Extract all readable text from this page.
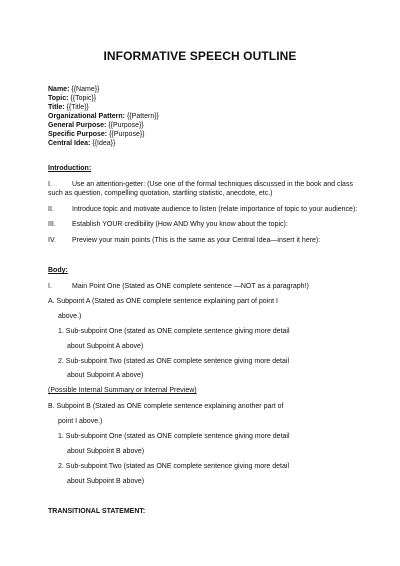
INFORMATIVE SPEECH OUTLINE
Name: {{Name}}
Topic: {{Topic}}
Title: {{Title}}
Organizational Pattern: {{Pattern}}
General Purpose: {{Purpose}}
Specific Purpose: {{Purpose}}
Central Idea: {{Idea}}
Introduction:
I.	Use an attention-getter: (Use one of the formal techniques discussed in the book and class
such as question, compelling quotation, startling statistic, anecdote, etc.)
II.	Introduce topic and motivate audience to listen (relate importance of topic to your audience):
III. Establish YOUR credibility (How AND Why you know about the topic):
IV. Preview your main points (This is the same as your Central Idea—insert it here):
Body:
I.	Main Point One (Stated as ONE complete sentence —NOT as a paragraph!)
A. Subpoint A (Stated as ONE complete sentence explaining part of point I
above.)
1. Sub-subpoint One (stated as ONE complete sentence giving more detail
about Subpoint A above)
2. Sub-subpoint Two (stated as ONE complete sentence giving more detail
about Subpoint A above)
(Possible Internal Summary or Internal Preview)
B. Subpoint B (Stated as ONE complete sentence explaining another part of
point I above.)
1. Sub-subpoint One (stated as ONE complete sentence giving more detail
about Subpoint B above)
2. Sub-subpoint Two (stated as ONE complete sentence giving more detail
about Subpoint B above)
TRANSITIONAL STATEMENT:
